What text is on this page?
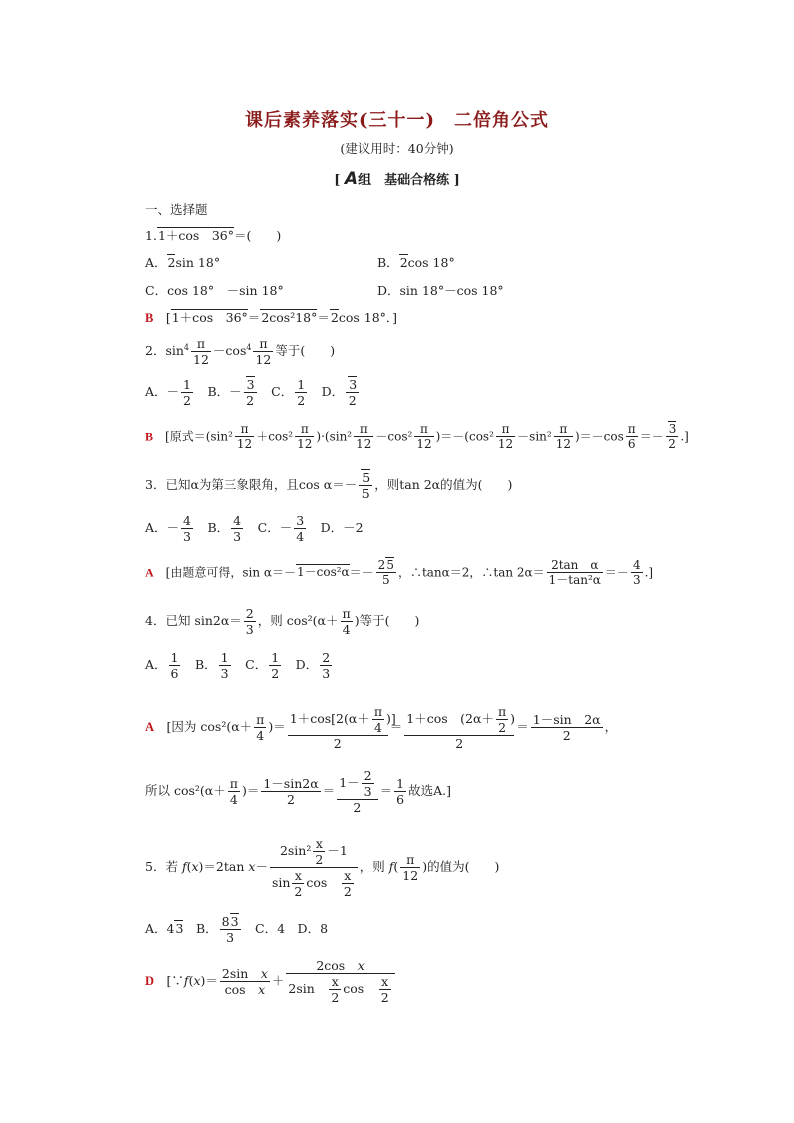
课后素养落实(三十一)　二倍角公式
(建议用时：40分钟)
[ A组　基础合格练 ]
一、选择题
1.1＋cos　36°＝(　　)
A．2sin 18°	B．2cos 18°
C．cos 18°　－sin 18°	D．sin 18°－cos 18°
B　[1＋cos　36°＝2cos²18°＝2cos 18°．]
2．$\sin^4 \frac{\pi}{12} -\cos^4 \frac{\pi}{12}$ 等于(　　)
A．－ $\frac{1}{2}$ 　B．－ $\frac{3}{2}$ 　C． $\frac{1}{2}$ 　D． $\frac{3}{2}$
B　[原式$=(\sin^2 \frac{\pi}{12} +\cos^2 \frac{\pi}{12} )\cdot(\sin^2 \frac{\pi}{12} -\cos^2 \frac{\pi}{12} )=-(\cos^2 \frac{\pi}{12} -\sin^2 \frac{\pi}{12} )=-\cos \frac{\pi}{6} =- \frac{3}{2}$ .]
3．已知α为第三象限角，且$\cos \alpha=- \frac{5}{5}$ ，则tan 2α的值为(　　)
A．－ $\frac{4}{3}$ 　B． $\frac{4}{3}$ 　C．－ $\frac{3}{4}$ 　D．－2
A　[由题意可得，$\sin \alpha=-1-\cos^2\alpha=- \frac{25}{5}$ ，∴tanα＝2，∴tan $2\alpha= \frac{\text{2tan　α}}{\text{1－tan²α}} =- \frac{4}{3}$ .]
4．已知 $\sin 2\alpha= \frac{2}{3}$ ，则 $\cos^2(\alpha+ \frac{\pi}{4}$ )等于(　　)
A． $\frac{1}{6}$ 　B． $\frac{1}{3}$ 　C． $\frac{1}{2}$ 　D． $\frac{2}{3}$
A　[因为 $\cos^2(\alpha+ \frac{\pi}{4}$ )＝ $\frac{1+\cos[2(\alpha+ \frac{\pi}{4} )]}{2} = \frac{1+\cos (2\alpha+ \frac{\pi}{2} )}{2} = \frac{1-\sin 2\alpha}{2}$ ，
所以 $\cos^2(\alpha+ \frac{\pi}{4}$ )＝ $\frac{1-\sin 2\alpha}{2} = \frac{1- \frac{2}{3}}{2} = \frac{1}{6}$ 故选A.]
5．若 f(x)＝2tan $x- \frac{2\sin^2 \frac{x}{2} -1}{\sin \frac{x}{2} \cos \frac{x}{2}}$ ，则 $f( \frac{\pi}{12}$ )的值为(　　)
A．43　B． $\frac{83}{3}$ 　C．4　D．8
D　[∵f(x)＝ $\frac{\text{2sin　x}}{\text{cos　x}} + \frac{\text{2cos　x}}{2\sin \frac{x}{2} \cos \frac{x}{2}}$
